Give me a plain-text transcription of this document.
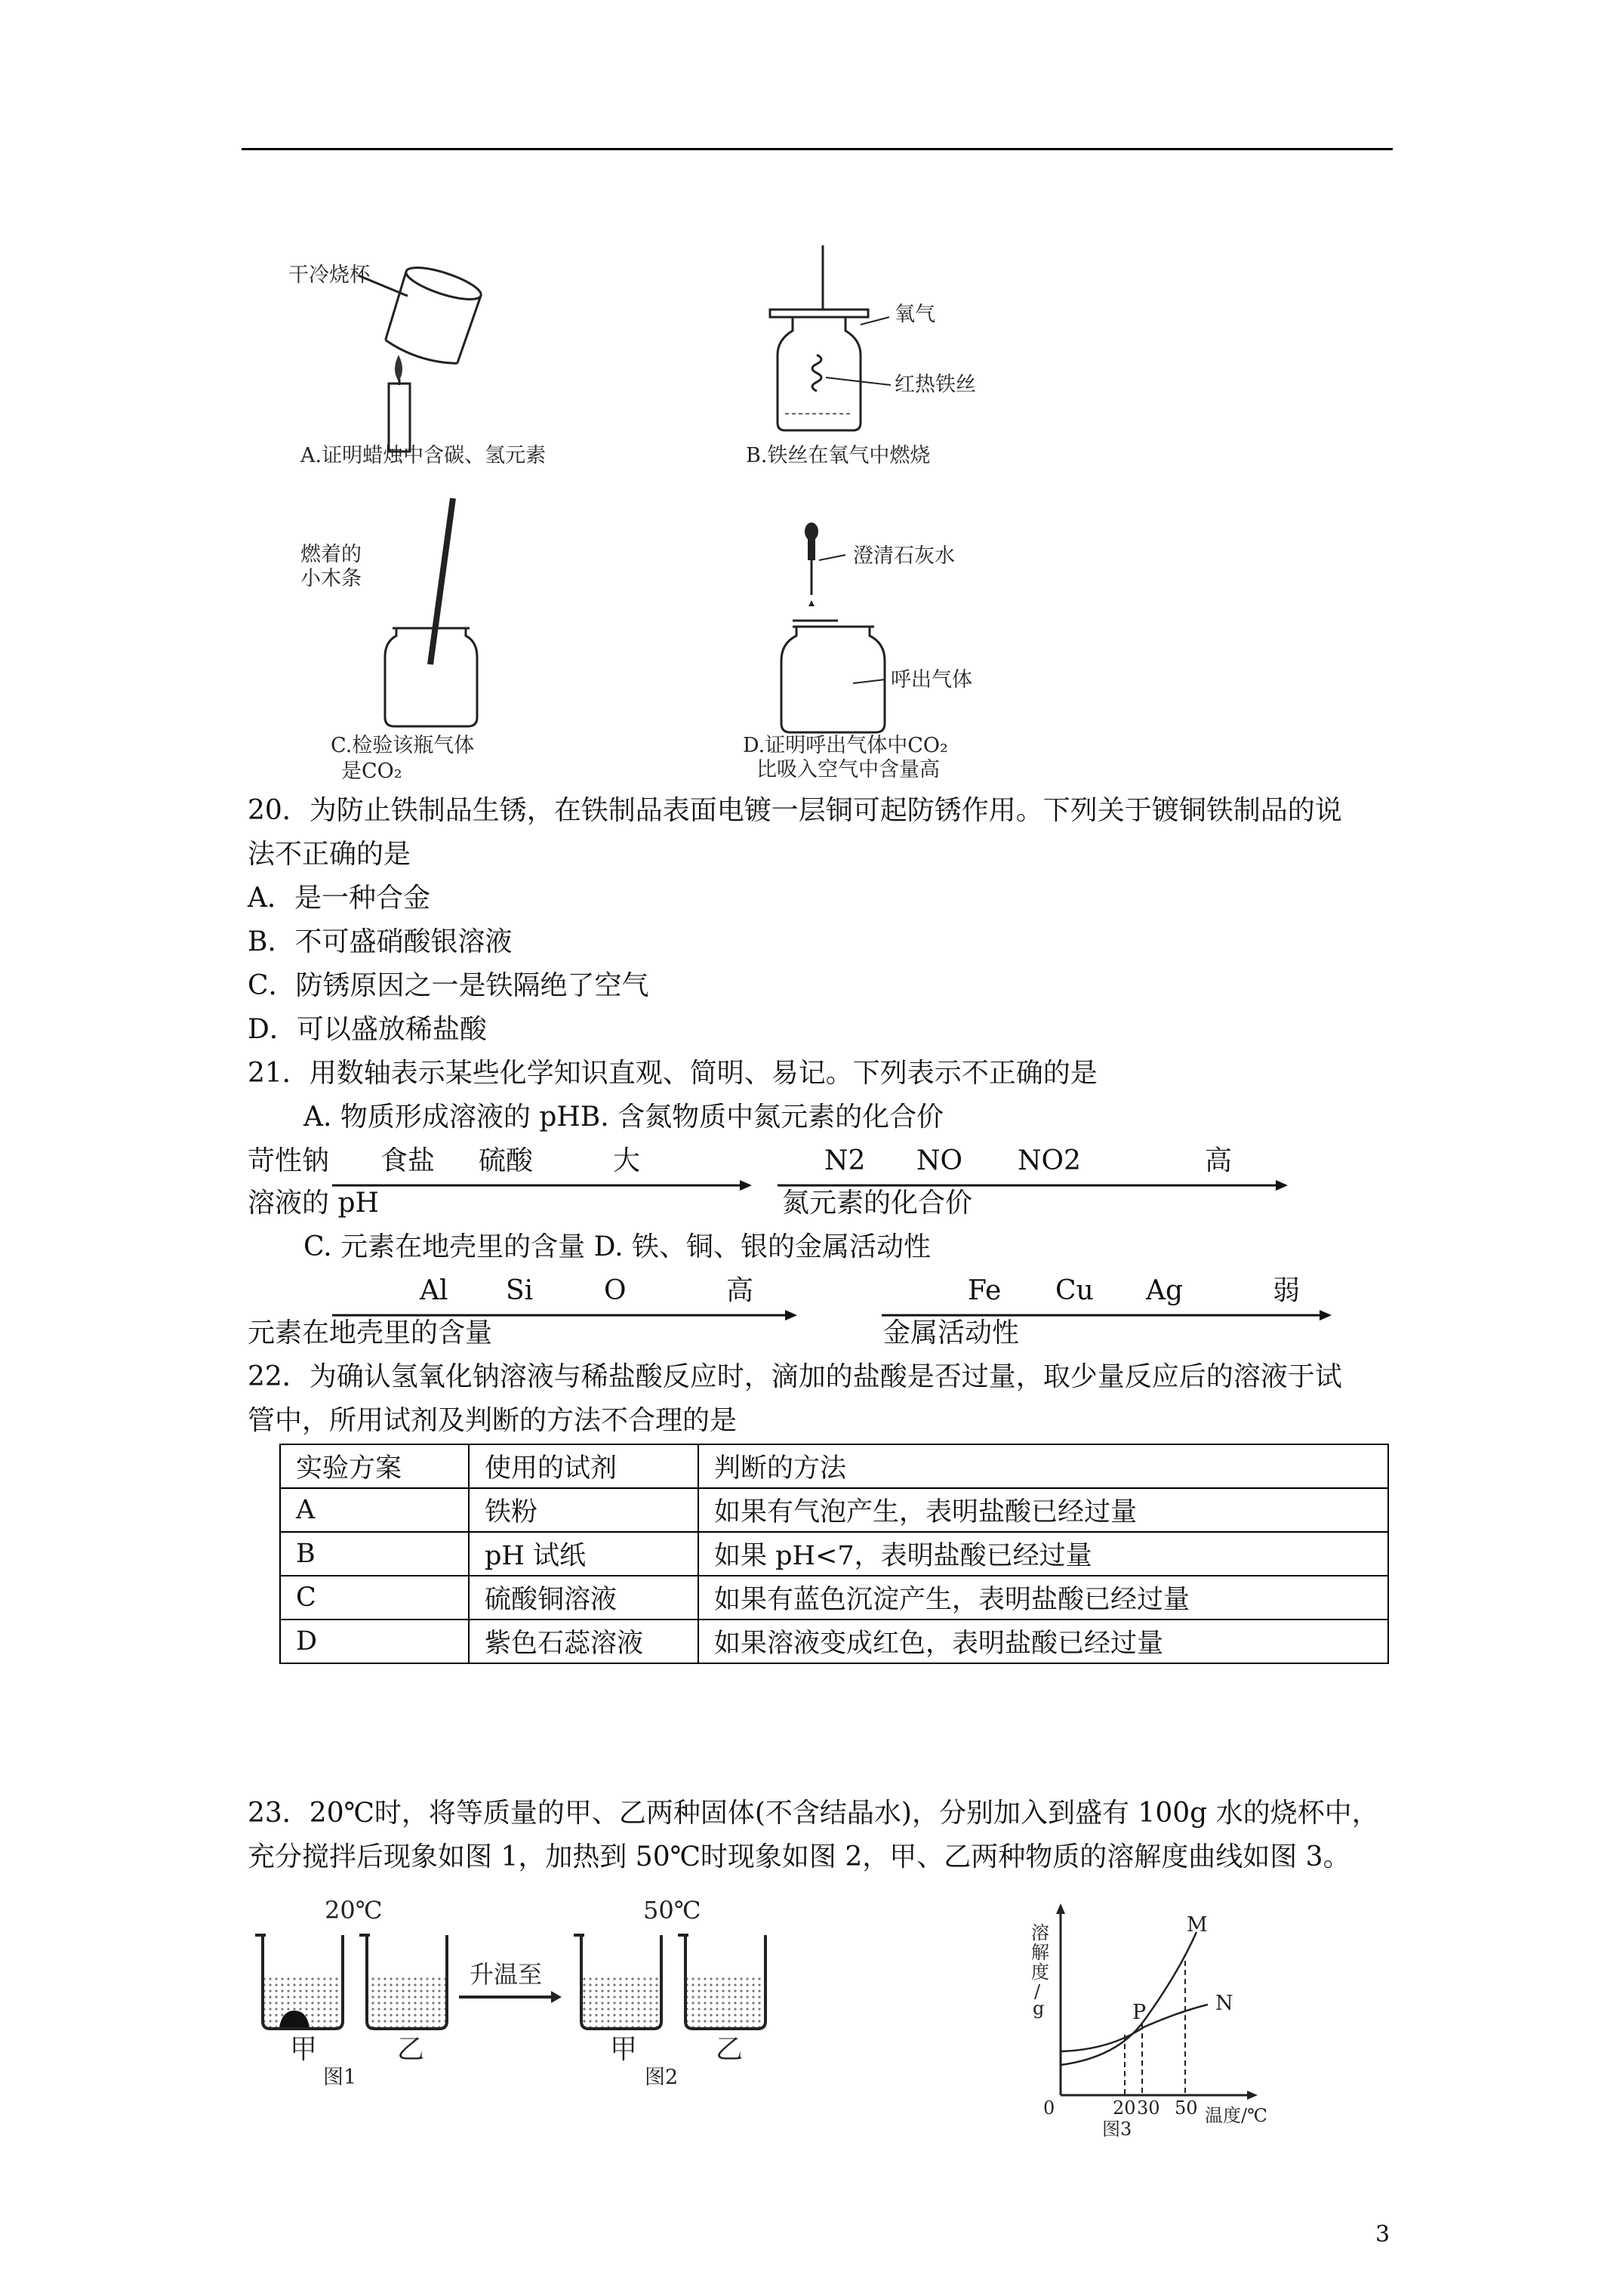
干冷烧杯
A.证明蜡烛中含碳、氢元素
氧气
红热铁丝
B.铁丝在氧气中燃烧
燃着的
小木条
C.检验该瓶气体
是CO₂
澄清石灰水
呼出气体
D.证明呼出气体中CO₂
比吸入空气中含量高
20．为防止铁制品生锈，在铁制品表面电镀一层铜可起防锈作用。下列关于镀铜铁制品的说
法不正确的是
A．是一种合金
B．不可盛硝酸银溶液
C．防锈原因之一是铁隔绝了空气
D．可以盛放稀盐酸
21．用数轴表示某些化学知识直观、简明、易记。下列表示不正确的是
A. 物质形成溶液的 pHB. 含氮物质中氮元素的化合价
苛性钠 食盐 硫酸	大
溶液的 pH
N2 NO NO2	高
氮元素的化合价
C. 元素在地壳里的含量 D. 铁、铜、银的金属活动性
Al Si	O	高
元素在地壳里的含量
Fe Cu Ag	弱
金属活动性
22．为确认氢氧化钠溶液与稀盐酸反应时，滴加的盐酸是否过量，取少量反应后的溶液于试
管中，所用试剂及判断的方法不合理的是
实验方案	使用的试剂	判断的方法
A	铁粉	如果有气泡产生，表明盐酸已经过量
B	pH 试纸	如果 pH<7，表明盐酸已经过量
C	硫酸铜溶液	如果有蓝色沉淀产生，表明盐酸已经过量
D	紫色石蕊溶液	如果溶液变成红色，表明盐酸已经过量
23．20℃时，将等质量的甲、乙两种固体(不含结晶水)，分别加入到盛有 100g 水的烧杯中，
充分搅拌后现象如图 1，加热到 50℃时现象如图 2，甲、乙两种物质的溶解度曲线如图 3。
20℃
升温至
50℃
甲	乙
图1
甲	乙
图2
溶
解
度
/
g
M
N
P
0	20 30 50 温度/℃
图3
3
